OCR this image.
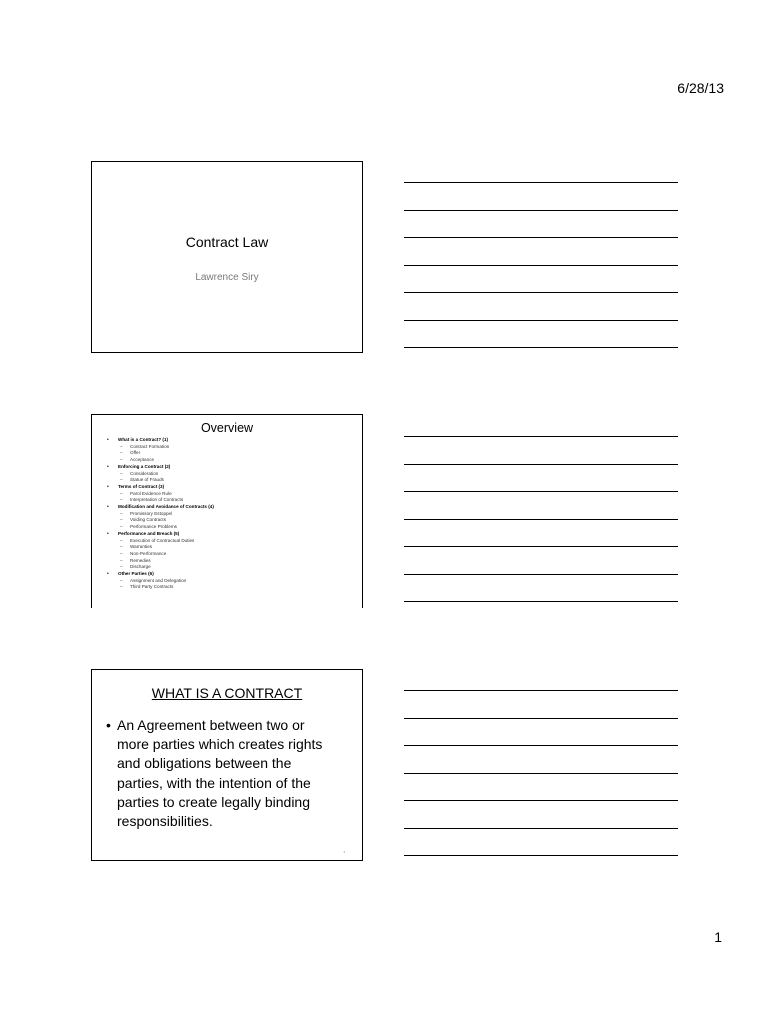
6/28/13
Contract Law
Lawrence Siry
Overview
• What is a Contract? (1)
– Contract Formation
– Offer
– Acceptance
• Enforcing a Contract (2)
– Consideration
– Statue of Frauds
• Terms of Contract (3)
– Parol Evidence Rule
– Interpretation of Contracts
• Modification and Avoidance of Contracts (4)
– Promissory Estoppel
– Voiding Contracts
– Performance Problems
• Performance and Breach (5)
– Execution of Contractual Duties
– Warranties
– Non-Performance
– Remedies
– Discharge
• Other Parties (6)
– Assignment and Delegation
– Third Party Contracts
WHAT IS A CONTRACT
• An Agreement between two or
more parties which creates rights
and obligations between the
parties, with the intention of the
parties to create legally binding
responsibilities.
3
1
